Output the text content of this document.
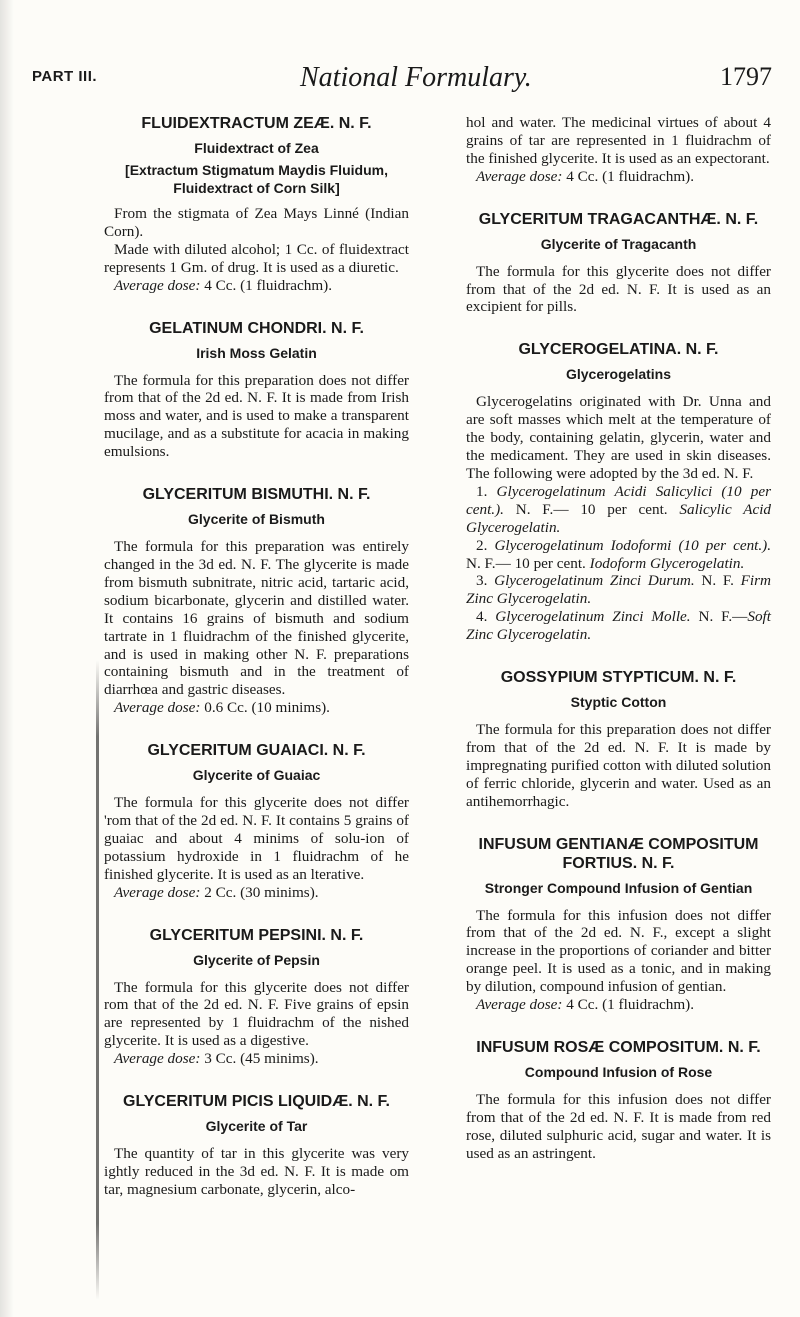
PART III.	National Formulary.	1797

FLUIDEXTRACTUM ZEÆ. N. F.

Fluidextract of Zea
[Extractum Stigmatum Maydis Fluidum, Fluidextract of Corn Silk]

From the stigmata of Zea Mays Linné (Indian Corn).

Made with diluted alcohol; 1 Cc. of fluidextract represents 1 Gm. of drug. It is used as a diuretic.

Average dose: 4 Cc. (1 fluidrachm).

GELATINUM CHONDRI. N. F.

Irish Moss Gelatin

The formula for this preparation does not differ from that of the 2d ed. N. F. It is made from Irish moss and water, and is used to make a transparent mucilage, and as a substitute for acacia in making emulsions.

GLYCERITUM BISMUTHI. N. F.

Glycerite of Bismuth

The formula for this preparation was entirely changed in the 3d ed. N. F. The glycerite is made from bismuth subnitrate, nitric acid, tartaric acid, sodium bicarbonate, glycerin and distilled water. It contains 16 grains of bismuth and sodium tartrate in 1 fluidrachm of the finished glycerite, and is used in making other N. F. preparations containing bismuth and in the treatment of diarrhœa and gastric diseases.

Average dose: 0.6 Cc. (10 minims).

GLYCERITUM GUAIACI. N. F.

Glycerite of Guaiac

The formula for this glycerite does not differ 'rom that of the 2d ed. N. F. It contains 5 grains of guaiac and about 4 minims of solu-ion of potassium hydroxide in 1 fluidrachm of he finished glycerite. It is used as an lterative.

Average dose: 2 Cc. (30 minims).

GLYCERITUM PEPSINI. N. F.

Glycerite of Pepsin

The formula for this glycerite does not differ rom that of the 2d ed. N. F. Five grains of epsin are represented by 1 fluidrachm of the nished glycerite. It is used as a digestive.

Average dose: 3 Cc. (45 minims).

GLYCERITUM PICIS LIQUIDÆ. N. F.

Glycerite of Tar

The quantity of tar in this glycerite was very ightly reduced in the 3d ed. N. F. It is made om tar, magnesium carbonate, glycerin, alco-

hol and water. The medicinal virtues of about 4 grains of tar are represented in 1 fluidrachm of the finished glycerite. It is used as an expectorant.

Average dose: 4 Cc. (1 fluidrachm).

GLYCERITUM TRAGACANTHÆ. N. F.

Glycerite of Tragacanth

The formula for this glycerite does not differ from that of the 2d ed. N. F. It is used as an excipient for pills.

GLYCEROGELATINA. N. F.

Glycerogelatins

Glycerogelatins originated with Dr. Unna and are soft masses which melt at the temperature of the body, containing gelatin, glycerin, water and the medicament. They are used in skin diseases. The following were adopted by the 3d ed. N. F.

1. Glycerogelatinum Acidi Salicylici (10 per cent.). N. F.— 10 per cent. Salicylic Acid Glycerogelatin.

2. Glycerogelatinum Iodoformi (10 per cent.). N. F.— 10 per cent. Iodoform Glycerogelatin.

3. Glycerogelatinum Zinci Durum. N. F. Firm Zinc Glycerogelatin.

4. Glycerogelatinum Zinci Molle. N. F.—Soft Zinc Glycerogelatin.

GOSSYPIUM STYPTICUM. N. F.

Styptic Cotton

The formula for this preparation does not differ from that of the 2d ed. N. F. It is made by impregnating purified cotton with diluted solution of ferric chloride, glycerin and water. Used as an antihemorrhagic.

INFUSUM GENTIANÆ COMPOSITUM FORTIUS. N. F.

Stronger Compound Infusion of Gentian

The formula for this infusion does not differ from that of the 2d ed. N. F., except a slight increase in the proportions of coriander and bitter orange peel. It is used as a tonic, and in making by dilution, compound infusion of gentian.

Average dose: 4 Cc. (1 fluidrachm).

INFUSUM ROSÆ COMPOSITUM. N. F.

Compound Infusion of Rose

The formula for this infusion does not differ from that of the 2d ed. N. F. It is made from red rose, diluted sulphuric acid, sugar and water. It is used as an astringent.
